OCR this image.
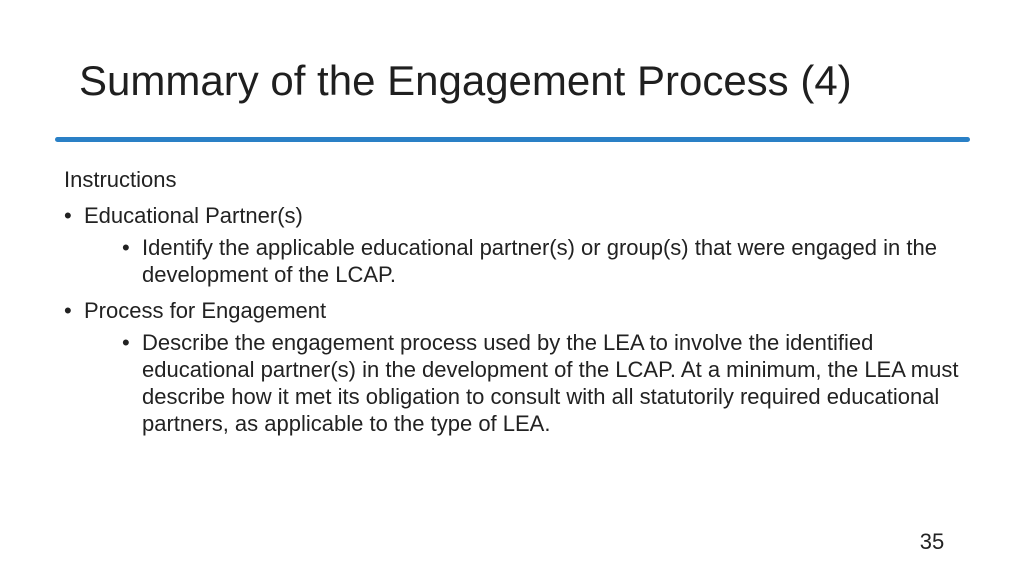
Summary of the Engagement Process (4)
Instructions
• Educational Partner(s)
• Identify the applicable educational partner(s) or group(s) that were engaged in the development of the LCAP.
• Process for Engagement
• Describe the engagement process used by the LEA to involve the identified educational partner(s) in the development of the LCAP. At a minimum, the LEA must describe how it met its obligation to consult with all statutorily required educational partners, as applicable to the type of LEA.
35
